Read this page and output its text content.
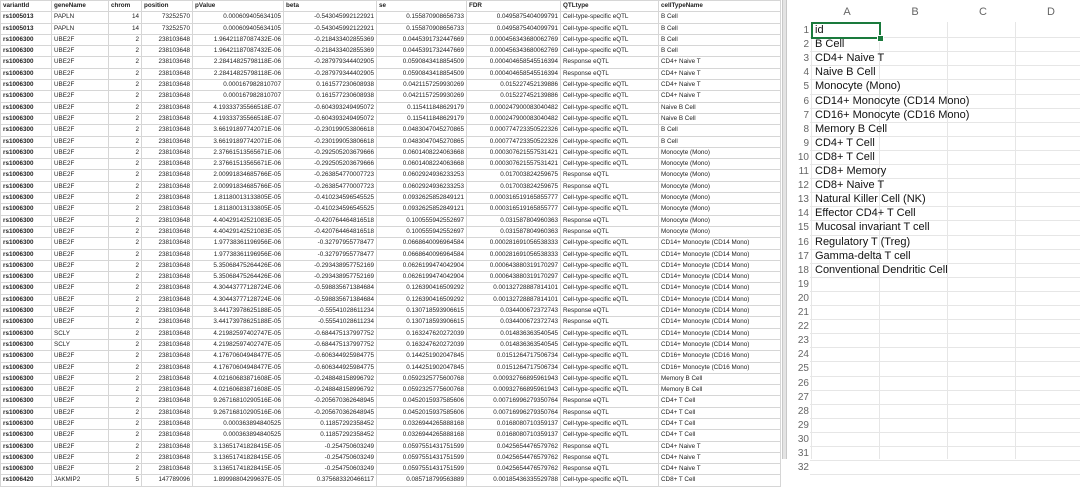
variantId	geneName	chrom	position	pValue	beta	se	FDR	QTLtype	cellTypeName
rs1005013	PAPLN	14	73252570	0.000609405634105	-0.543045992122921	0.155870908656733	0.0495875404099791	Cell-type-specific eQTL	B Cell
rs1005013	PAPLN	14	73252570	0.000609405634105	-0.543045992122921	0.155870908656733	0.0495875404099791	Cell-type-specific eQTL	B Cell
rs1006300	UBE2F	2	238103648	1.96421187087432E-06	-0.218433402855369	0.0445391732447669	0.000456343680062769	Cell-type-specific eQTL	B Cell
rs1006300	UBE2F	2	238103648	1.96421187087432E-06	-0.218433402855369	0.0445391732447669	0.000456343680062769	Cell-type-specific eQTL	B Cell
rs1006300	UBE2F	2	238103648	2.28414825798118E-06	-0.287979344402905	0.0590843418854509	0.000404658545516394	Response eQTL	CD4+ Naive T
rs1006300	UBE2F	2	238103648	2.28414825798118E-06	-0.287979344402905	0.0590843418854509	0.000404658545516394	Response eQTL	CD4+ Naive T
rs1006300	UBE2F	2	238103648	0.000167982810707	0.161577230608938	0.0421157259930269	0.015227452139886	Cell-type-specific eQTL	CD4+ Naive T
rs1006300	UBE2F	2	238103648	0.000167982810707	0.161577230608938	0.0421157259930269	0.015227452139886	Cell-type-specific eQTL	CD4+ Naive T
rs1006300	UBE2F	2	238103648	4.19333735566518E-07	-0.604393249495072	0.115411848629179	0.000247900083040482	Cell-type-specific eQTL	Naive B Cell
rs1006300	UBE2F	2	238103648	4.19333735566518E-07	-0.604393249495072	0.115411848629179	0.000247900083040482	Cell-type-specific eQTL	Naive B Cell
rs1006300	UBE2F	2	238103648	3.66191897742071E-06	-0.230199053806618	0.0483047045270865	0.000774723350522326	Cell-type-specific eQTL	B Cell
rs1006300	UBE2F	2	238103648	3.66191897742071E-06	-0.230199053806618	0.0483047045270865	0.000774723350522326	Cell-type-specific eQTL	B Cell
rs1006300	UBE2F	2	238103648	2.37661513565671E-06	-0.292505203679666	0.0601408224063668	0.000307621557531421	Cell-type-specific eQTL	Monocyte (Mono)
rs1006300	UBE2F	2	238103648	2.37661513565671E-06	-0.292505203679666	0.0601408224063668	0.000307621557531421	Cell-type-specific eQTL	Monocyte (Mono)
rs1006300	UBE2F	2	238103648	2.00991834685766E-05	-0.263854770007723	0.0602924936233253	0.017003824259675	Response eQTL	Monocyte (Mono)
rs1006300	UBE2F	2	238103648	2.00991834685766E-05	-0.263854770007723	0.0602924936233253	0.017003824259675	Response eQTL	Monocyte (Mono)
rs1006300	UBE2F	2	238103648	1.81180013133805E-05	-0.410234596545525	0.0932625852849121	0.000316519165855777	Cell-type-specific eQTL	Monocyte (Mono)
rs1006300	UBE2F	2	238103648	1.81180013133805E-05	-0.410234596545525	0.0932625852849121	0.000316519165855777	Cell-type-specific eQTL	Monocyte (Mono)
rs1006300	UBE2F	2	238103648	4.40429142521083E-05	-0.420764464816518	0.100555942552697	0.031587804960363	Response eQTL	Monocyte (Mono)
rs1006300	UBE2F	2	238103648	4.40429142521083E-05	-0.420764464816518	0.100555942552697	0.031587804960363	Response eQTL	Monocyte (Mono)
rs1006300	UBE2F	2	238103648	1.97738361196956E-06	-0.32797955778477	0.0668640096964584	0.000281691056538333	Cell-type-specific eQTL	CD14+ Monocyte (CD14 Mono)
rs1006300	UBE2F	2	238103648	1.97738361196956E-06	-0.32797955778477	0.0668640096964584	0.000281691056538333	Cell-type-specific eQTL	CD14+ Monocyte (CD14 Mono)
rs1006300	UBE2F	2	238103648	5.35068475264426E-06	-0.293438957752169	0.0626199474042904	0.000643880319170297	Cell-type-specific eQTL	CD14+ Monocyte (CD14 Mono)
rs1006300	UBE2F	2	238103648	5.35068475264426E-06	-0.293438957752169	0.0626199474042904	0.000643880319170297	Cell-type-specific eQTL	CD14+ Monocyte (CD14 Mono)
rs1006300	UBE2F	2	238103648	4.30443777128724E-06	-0.598835671384684	0.126390416509292	0.00132728887814101	Cell-type-specific eQTL	CD14+ Monocyte (CD14 Mono)
rs1006300	UBE2F	2	238103648	4.30443777128724E-06	-0.598835671384684	0.126390416509292	0.00132728887814101	Cell-type-specific eQTL	CD14+ Monocyte (CD14 Mono)
rs1006300	UBE2F	2	238103648	3.44173978625188E-05	-0.55541028611234	0.130718593906615	0.034400672372743	Response eQTL	CD14+ Monocyte (CD14 Mono)
rs1006300	UBE2F	2	238103648	3.44173978625188E-05	-0.55541028611234	0.130718593906615	0.034400672372743	Response eQTL	CD14+ Monocyte (CD14 Mono)
rs1006300	SCLY	2	238103648	4.21982597402747E-05	-0.684475137997752	0.163247620272039	0.014836363540545	Cell-type-specific eQTL	CD14+ Monocyte (CD14 Mono)
rs1006300	SCLY	2	238103648	4.21982597402747E-05	-0.684475137997752	0.163247620272039	0.014836363540545	Cell-type-specific eQTL	CD14+ Monocyte (CD14 Mono)
rs1006300	UBE2F	2	238103648	4.17670604948477E-05	-0.606344925984775	0.144251902047845	0.0151264717506734	Cell-type-specific eQTL	CD16+ Monocyte (CD16 Mono)
rs1006300	UBE2F	2	238103648	4.17670604948477E-05	-0.606344925984775	0.144251902047845	0.0151264717506734	Cell-type-specific eQTL	CD16+ Monocyte (CD16 Mono)
rs1006300	UBE2F	2	238103648	4.02160683871608E-05	-0.248848158996792	0.0592325775600768	0.00932766895961943	Cell-type-specific eQTL	Memory B Cell
rs1006300	UBE2F	2	238103648	4.02160683871608E-05	-0.248848158996792	0.0592325775600768	0.00932766895961943	Cell-type-specific eQTL	Memory B Cell
rs1006300	UBE2F	2	238103648	9.26716810290516E-06	-0.205670362648945	0.0452015937585606	0.00716996279350764	Response eQTL	CD4+ T Cell
rs1006300	UBE2F	2	238103648	9.26716810290516E-06	-0.205670362648945	0.0452015937585606	0.00716996279350764	Response eQTL	CD4+ T Cell
rs1006300	UBE2F	2	238103648	0.000363894840525	0.11857292358452	0.0326944265888168	0.0168080710359137	Cell-type-specific eQTL	CD4+ T Cell
rs1006300	UBE2F	2	238103648	0.000363894840525	0.11857292358452	0.0326944265888168	0.0168080710359137	Cell-type-specific eQTL	CD4+ T Cell
rs1006300	UBE2F	2	238103648	3.13651741828415E-05	-0.254750603249	0.0597551431751599	0.0425654476579762	Response eQTL	CD4+ Naive T
rs1006300	UBE2F	2	238103648	3.13651741828415E-05	-0.254750603249	0.0597551431751599	0.0425654476579762	Response eQTL	CD4+ Naive T
rs1006300	UBE2F	2	238103648	3.13651741828415E-05	-0.254750603249	0.0597551431751599	0.0425654476579762	Response eQTL	CD4+ Naive T
rs1006420	JAKMIP2	5	147789096	1.89998804299637E-05	0.375683320466117	0.085718799563889	0.00185436335529788	Cell-type-specific eQTL	CD8+ T Cell
A	B	C	D
1 id
2 B Cell
3 CD4+ Naive T
4 Naive B Cell
5 Monocyte (Mono)
6 CD14+ Monocyte (CD14 Mono)
7 CD16+ Monocyte (CD16 Mono)
8 Memory B Cell
9 CD4+ T Cell
10 CD8+ T Cell
11 CD8+ Memory
12 CD8+ Naive T
13 Natural Killer Cell (NK)
14 Effector CD4+ T Cell
15 Mucosal invariant T cell
16 Regulatory T (Treg)
17 Gamma-delta T cell
18 Conventional Dendritic Cell
19
20
21
22
23
24
25
26
27
28
29
30
31
32
